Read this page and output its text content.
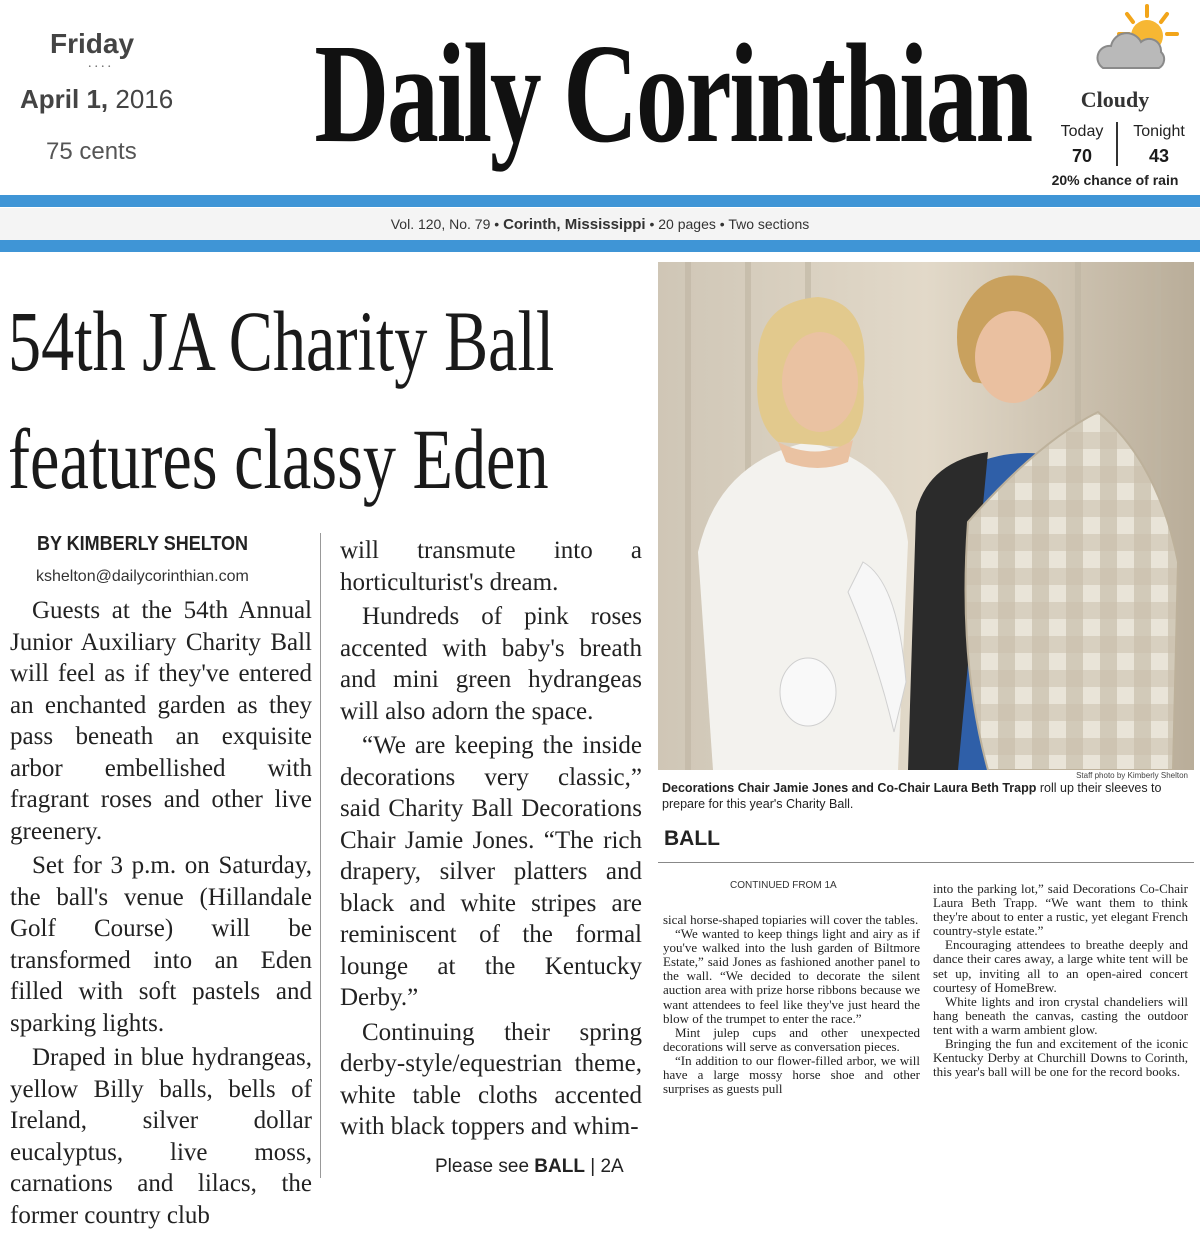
Friday
....
April 1, 2016
75 cents Daily Corinthian	Cloudy
Today	Tonight
70	43
20% chance of rain
Vol. 120, No. 79 • Corinth, Mississippi • 20 pages • Two sections
54th JA Charity Ball
features classy Eden
BY KIMBERLY SHELTON
kshelton@dailycorinthian.com

Guests at the 54th Annual Junior Auxiliary Charity Ball will feel as if they've entered an enchanted garden as they pass beneath an exquisite arbor embellished with fragrant roses and other live greenery.

Set for 3 p.m. on Saturday, the ball's venue (Hillandale Golf Course) will be transformed into an Eden filled with soft pastels and sparking lights.

Draped in blue hydrangeas, yellow Billy balls, bells of Ireland, silver dollar eucalyptus, live moss, carnations and lilacs, the former country club

will transmute into a horticulturist's dream.

Hundreds of pink roses accented with baby's breath and mini green hydrangeas will also adorn the space.

“We are keeping the inside decorations very classic,” said Charity Ball Decorations Chair Jamie Jones. “The rich drapery, silver platters and black and white stripes are reminiscent of the formal lounge at the Kentucky Derby.”

Continuing their spring derby-style/equestrian theme, white table cloths accented with black toppers and whim-

Please see BALL | 2A
Staff photo by Kimberly Shelton
Decorations Chair Jamie Jones and Co-Chair Laura Beth Trapp roll up their sleeves to prepare for this year's Charity Ball.
BALL
CONTINUED FROM 1A

sical horse-shaped topiaries will cover the tables.

“We wanted to keep things light and airy as if you've walked into the lush garden of Biltmore Estate,” said Jones as fashioned another panel to the wall. “We decided to decorate the silent auction area with prize horse ribbons because we want attendees to feel like they've just heard the blow of the trumpet to enter the race.”

Mint julep cups and other unexpected decorations will serve as conversation pieces.

“In addition to our flower-filled arbor, we will have a large mossy horse shoe and other surprises as guests pull

into the parking lot,” said Decorations Co-Chair Laura Beth Trapp. “We want them to think they're about to enter a rustic, yet elegant French country-style estate.”

Encouraging attendees to breathe deeply and dance their cares away, a large white tent will be set up, inviting all to an open-aired concert courtesy of HomeBrew.

White lights and iron crystal chandeliers will hang beneath the canvas, casting the outdoor tent with a warm ambient glow.

Bringing the fun and excitement of the iconic Kentucky Derby at Churchill Downs to Corinth, this year's ball will be one for the record books.
